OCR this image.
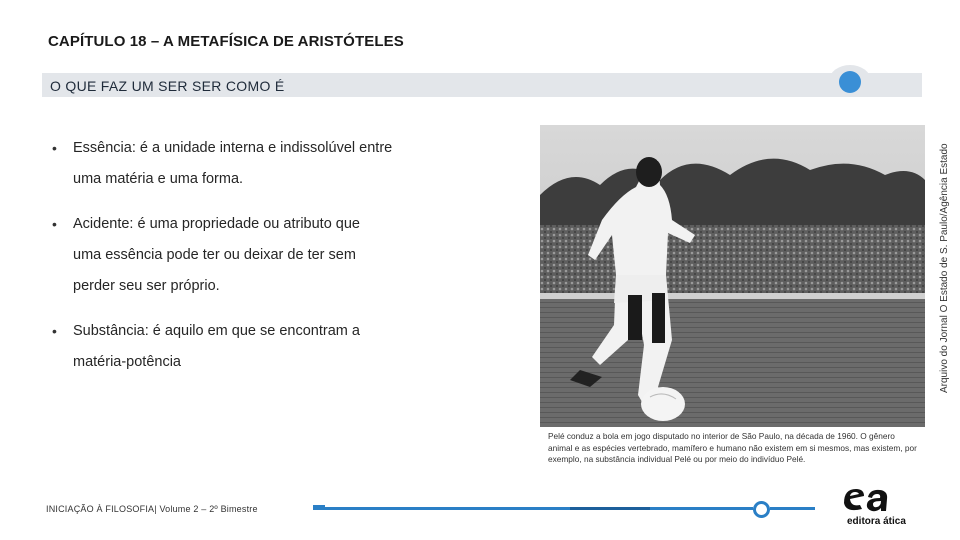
CAPÍTULO 18 – A METAFÍSICA DE ARISTÓTELES
O QUE FAZ UM SER SER COMO É
• Essência: é a unidade interna e indissolúvel entre
uma matéria e uma forma.
• Acidente: é uma propriedade ou atributo que
uma essência pode ter ou deixar de ter sem
perder seu ser próprio.
• Substância: é aquilo em que se encontram a
matéria-potência	Arquivo do Jornal O Estado de S. Paulo/Agência Estado
Pelé conduz a bola em jogo disputado no interior de São Paulo, na década de 1960. O gênero animal e as espécies vertebrado, mamífero e humano não existem em si mesmos, mas existem, por exemplo, na substância individual Pelé ou por meio do indivíduo Pelé.
INICIAÇÃO À FILOSOFIA| Volume 2 – 2º Bimestre
editora ática
